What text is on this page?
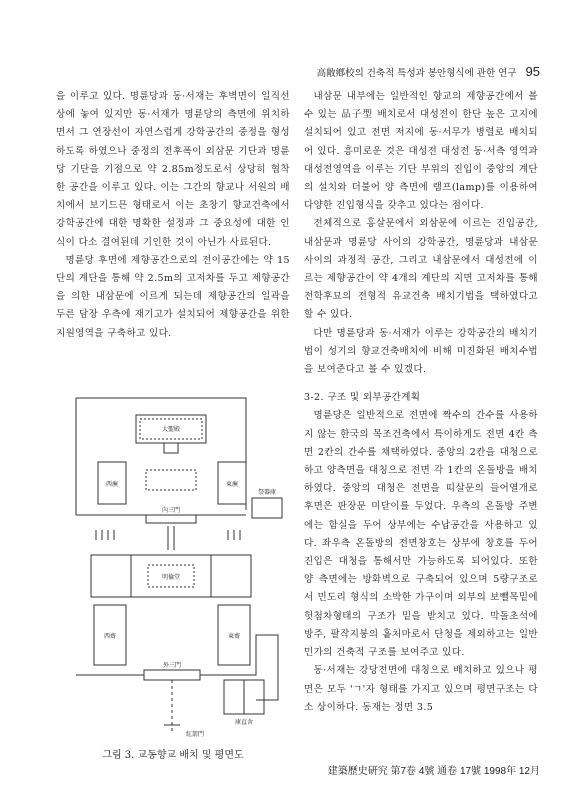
高敞鄕校의 건축적 특성과 봉안형식에 관한 연구 95

을 이루고 있다. 명륜당과 동·서재는 후벽면이 일직선상에 놓여 있지만 동·서재가 명륜당의 측면에 위치하면서 그 연장선이 자연스럽게 강학공간의 중정을 형성하도록 하였으나 중정의 전후폭이 외삼문 기단과 명륜당 기단을 기점으로 약 2.85m정도로서 상당히 협착한 공간을 이루고 있다. 이는 그간의 향교나 서원의 배치에서 보기드믄 형태로서 이는 초창기 향교건축에서 강학공간에 대한 명확한 설정과 그 중요성에 대한 인식이 다소 결여된데 기인한 것이 아닌가 사료된다.

명륜당 후면에 제향공간으로의 전이공간에는 약 15단의 계단을 통해 약 2.5m의 고저차를 두고 제향공간을 의한 내삼문에 이르게 되는데 제향공간의 일곽을 두른 담장 우측에 재기고가 설치되어 제향공간을 위한 지원영역을 구축하고 있다.

大聖殿
西廡	東廡
內三門
祭器庫
明倫堂
西齋	東齋
外三門
庫直舍
紅箭門
그림 3. 교동향교 배치 및 평면도

내삼문 내부에는 일반적인 향교의 제향공간에서 볼 수 있는 品子型 배치로서 대성전이 한단 높은 고지에 설치되어 있고 전면 저지에 동·서무가 병렬로 배치되어 있다. 흥미로운 것은 대성전 대성전 동·서측 영역과 대성전영역을 이루는 기단 부위의 진입이 중앙의 계단의 설치와 더불어 양 측면에 램프(lamp)를 이용하여 다양한 진입형식을 갖추고 있다는 점이다.

전체적으로 홍살문에서 외삼문에 이르는 진입공간, 내삼문과 명륜당 사이의 강학공간, 명륜당과 내삼문 사이의 과정적 공간, 그리고 내삼문에서 대성전에 이르는 제향공간이 약 4개의 계단의 지면 고저차를 통해 전학후묘의 전형적 유교건축 배치기법을 택하였다고 할 수 있다.

다만 명륜당과 동·서재가 이루는 강학공간의 배치기법이 성기의 향교건축배치에 비해 미진화된 배치수법을 보여준다고 볼 수 있겠다.

3-2. 구조 및 외부공간계획

명륜당은 일반적으로 전면에 짝수의 간수를 사용하지 않는 한국의 목조건축에서 특이하게도 전면 4칸 측면 2칸의 간수를 채택하였다. 중앙의 2칸을 대청으로하고 양측면을 대칭으로 전면 각 1칸의 온돌방을 배치하였다. 중앙의 대청은 전면을 띠살문의 들어열개로 후면은 판장문 미닫이를 두었다. 우측의 온돌방 주변에는 함실을 두어 상부에는 수납공간을 사용하고 있다. 좌우측 온돌방의 전면창호는 상부에 창호를 두어 진입은 대청을 통해서만 가능하도록 되어있다. 또한 양 측면에는 방화벽으로 구축되어 있으며 5량구조로서 민도리 형식의 소박한 가구이며 외부의 보뺄목밑에 헛첨차형태의 구조가 밑을 받치고 있다. 막돌초석에 방주, 팔작지붕의 홑처마로서 단청을 제외하고는 일반 민가의 건축적 구조를 보여주고 있다.

동·서재는 강당전면에 대칭으로 배치하고 있으나 평면은 모두 'ㄱ'자 형태를 가지고 있으며 평면구조는 다소 상이하다. 동재는 정면 3.5

建築歷史硏究 第7卷 4號 通卷 17號 1998年 12月
